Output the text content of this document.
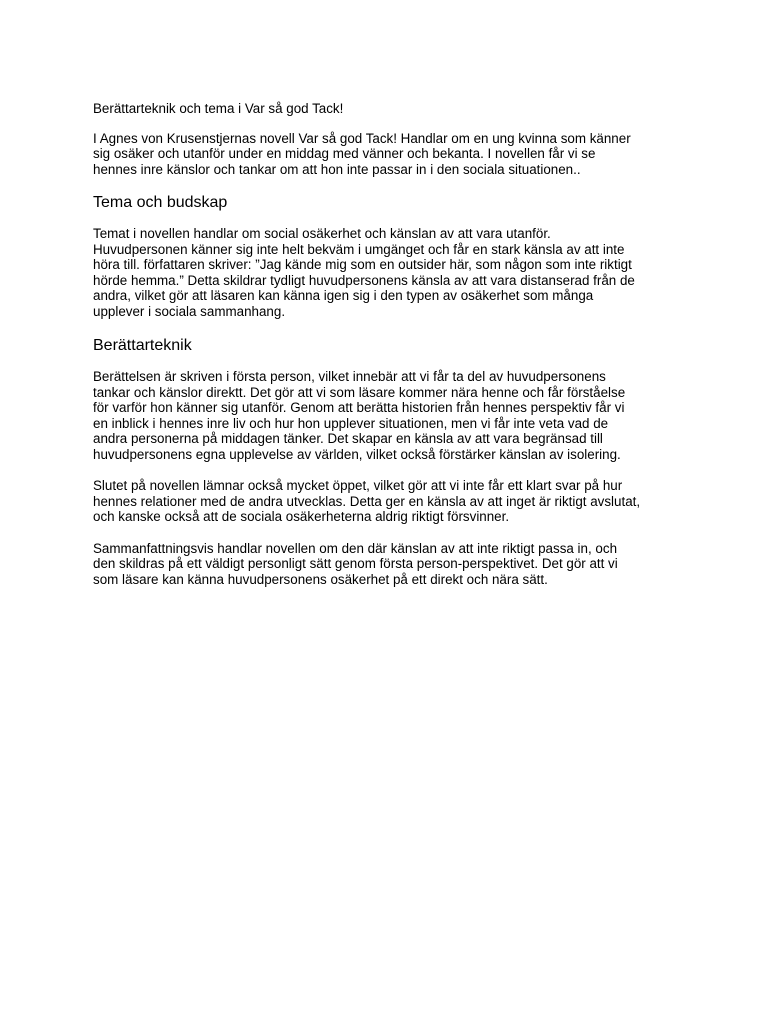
Berättarteknik och tema i Var så god Tack!

I Agnes von Krusenstjernas novell Var så god Tack! Handlar om en ung kvinna som känner
sig osäker och utanför under en middag med vänner och bekanta. I novellen får vi se
hennes inre känslor och tankar om att hon inte passar in i den sociala situationen..

Tema och budskap

Temat i novellen handlar om social osäkerhet och känslan av att vara utanför.
Huvudpersonen känner sig inte helt bekväm i umgänget och får en stark känsla av att inte
höra till. författaren skriver: ”Jag kände mig som en outsider här, som någon som inte riktigt
hörde hemma.” Detta skildrar tydligt huvudpersonens känsla av att vara distanserad från de
andra, vilket gör att läsaren kan känna igen sig i den typen av osäkerhet som många
upplever i sociala sammanhang.

Berättarteknik

Berättelsen är skriven i första person, vilket innebär att vi får ta del av huvudpersonens
tankar och känslor direktt. Det gör att vi som läsare kommer nära henne och får förståelse
för varför hon känner sig utanför. Genom att berätta historien från hennes perspektiv får vi
en inblick i hennes inre liv och hur hon upplever situationen, men vi får inte veta vad de
andra personerna på middagen tänker. Det skapar en känsla av att vara begränsad till
huvudpersonens egna upplevelse av världen, vilket också förstärker känslan av isolering.

Slutet på novellen lämnar också mycket öppet, vilket gör att vi inte får ett klart svar på hur
hennes relationer med de andra utvecklas. Detta ger en känsla av att inget är riktigt avslutat,
och kanske också att de sociala osäkerheterna aldrig riktigt försvinner.

Sammanfattningsvis handlar novellen om den där känslan av att inte riktigt passa in, och
den skildras på ett väldigt personligt sätt genom första person-perspektivet. Det gör att vi
som läsare kan känna huvudpersonens osäkerhet på ett direkt och nära sätt.
